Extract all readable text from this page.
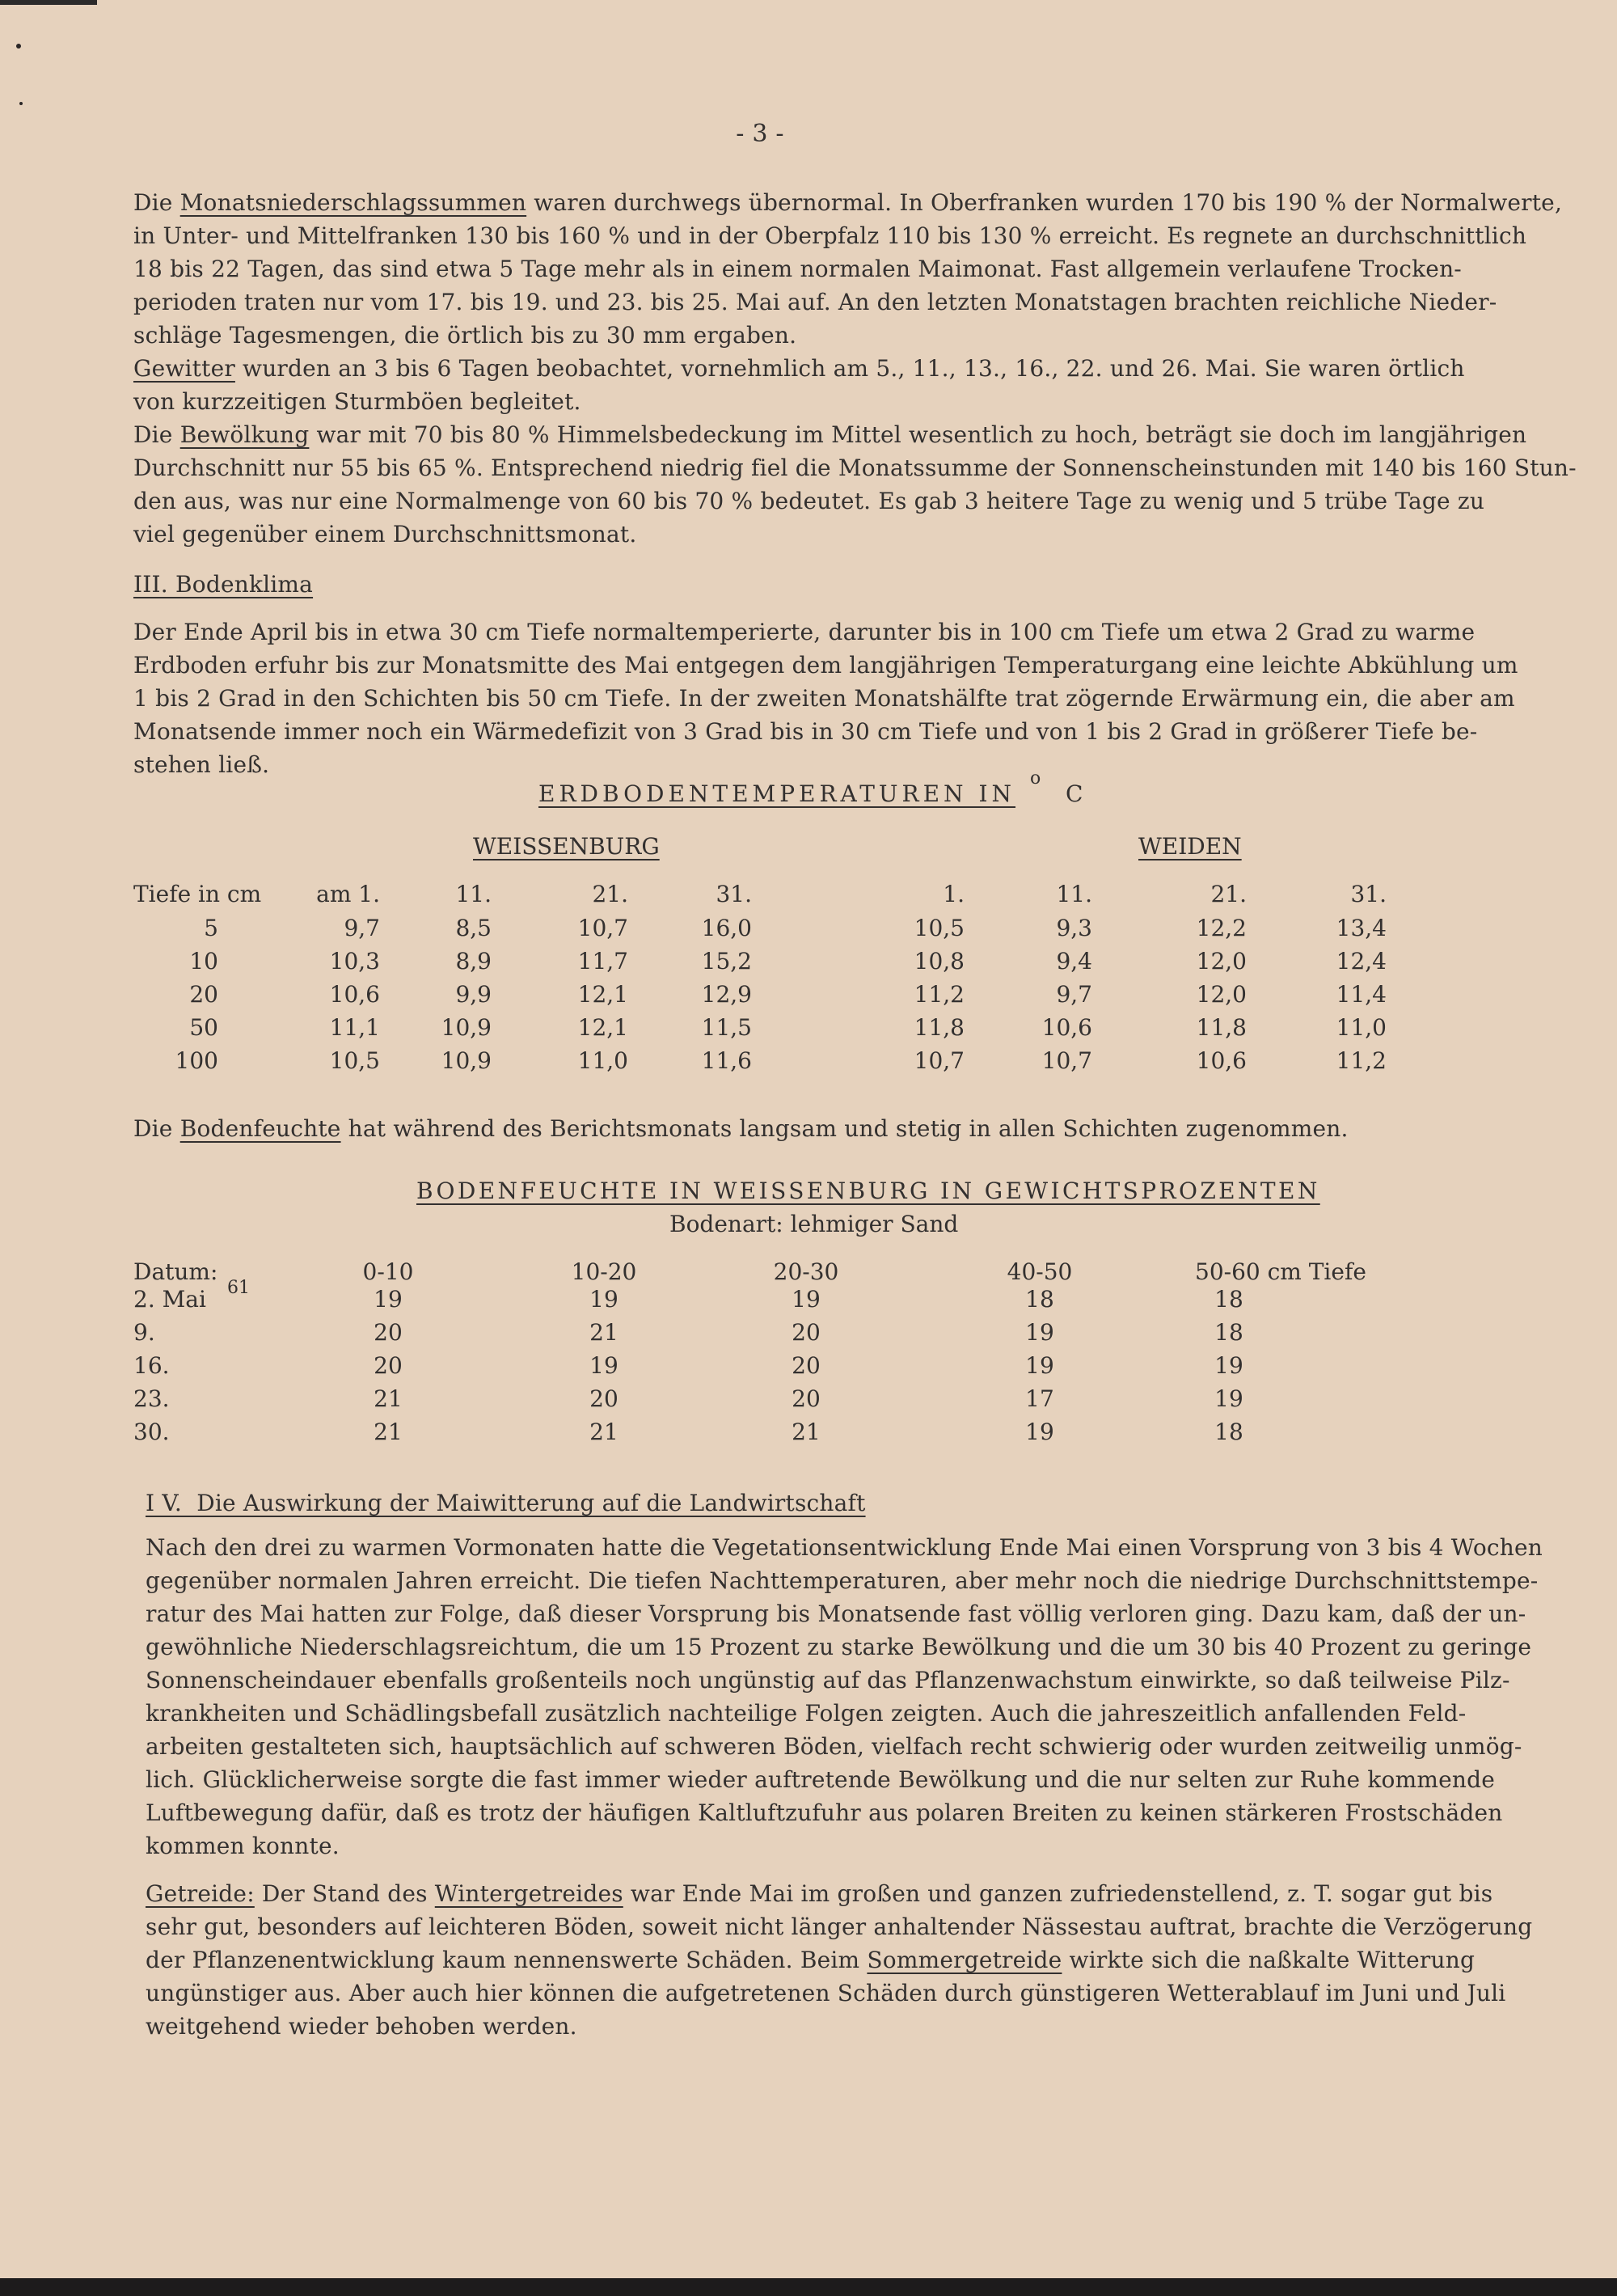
- 3 -

Die Monatsniederschlagssummen waren durchwegs übernormal. In Oberfranken wurden 170 bis 190 % der Normalwerte,

in Unter- und Mittelfranken 130 bis 160 % und in der Oberpfalz 110 bis 130 % erreicht. Es regnete an durchschnittlich

18 bis 22 Tagen, das sind etwa 5 Tage mehr als in einem normalen Maimonat. Fast allgemein verlaufene Trocken-

perioden traten nur vom 17. bis 19. und 23. bis 25. Mai auf. An den letzten Monatstagen brachten reichliche Nieder-

schläge Tagesmengen, die örtlich bis zu 30 mm ergaben.

Gewitter wurden an 3 bis 6 Tagen beobachtet, vornehmlich am 5., 11., 13., 16., 22. und 26. Mai. Sie waren örtlich

von kurzzeitigen Sturmböen begleitet.

Die Bewölkung war mit 70 bis 80 % Himmelsbedeckung im Mittel wesentlich zu hoch, beträgt sie doch im langjährigen

Durchschnitt nur 55 bis 65 %. Entsprechend niedrig fiel die Monatssumme der Sonnenscheinstunden mit 140 bis 160 Stun-

den aus, was nur eine Normalmenge von 60 bis 70 % bedeutet. Es gab 3 heitere Tage zu wenig und 5 trübe Tage zu

viel gegenüber einem Durchschnittsmonat.

III. Bodenklima

Der Ende April bis in etwa 30 cm Tiefe normaltemperierte, darunter bis in 100 cm Tiefe um etwa 2 Grad zu warme

Erdboden erfuhr bis zur Monatsmitte des Mai entgegen dem langjährigen Temperaturgang eine leichte Abkühlung um

1 bis 2 Grad in den Schichten bis 50 cm Tiefe. In der zweiten Monatshälfte trat zögernde Erwärmung ein, die aber am

Monatsende immer noch ein Wärmedefizit von 3 Grad bis in 30 cm Tiefe und von 1 bis 2 Grad in größerer Tiefe be-

stehen ließ.

ERDBODENTEMPERATUREN IN
o
C
WEISSENBURG	WEIDEN
Tiefe in cm am 1.	11.	21.	31.	1.	11.	21.	31.
5	9,7	8,5	10,7	16,0	10,5	9,3	12,2	13,4
10	10,3	8,9	11,7	15,2	10,8	9,4	12,0	12,4
20	10,6	9,9	12,1	12,9	11,2	9,7	12,0	11,4
50	11,1	10,9	12,1	11,5	11,8	10,6	11,8	11,0
100	10,5	10,9	11,0	11,6	10,7	10,7	10,6	11,2

Die Bodenfeuchte hat während des Berichtsmonats langsam und stetig in allen Schichten zugenommen.

BODENFEUCHTE IN WEISSENBURG IN GEWICHTSPROZENTEN
Bodenart: lehmiger Sand
Datum:	0-10	10-20	20-30	40-50	50-60 cm Tiefe
2. Mai 61	19	19	19	18	18
9.	20	21	20	19	18
16.	20	19	20	19	19
23.	21	20	20	17	19
30.	21	21	21	19	18
I V.  Die Auswirkung der Maiwitterung auf die Landwirtschaft

Nach den drei zu warmen Vormonaten hatte die Vegetationsentwicklung Ende Mai einen Vorsprung von 3 bis 4 Wochen

gegenüber normalen Jahren erreicht. Die tiefen Nachttemperaturen, aber mehr noch die niedrige Durchschnittstempe-

ratur des Mai hatten zur Folge, daß dieser Vorsprung bis Monatsende fast völlig verloren ging. Dazu kam, daß der un-

gewöhnliche Niederschlagsreichtum, die um 15 Prozent zu starke Bewölkung und die um 30 bis 40 Prozent zu geringe

Sonnenscheindauer ebenfalls großenteils noch ungünstig auf das Pflanzenwachstum einwirkte, so daß teilweise Pilz-

krankheiten und Schädlingsbefall zusätzlich nachteilige Folgen zeigten. Auch die jahreszeitlich anfallenden Feld-

arbeiten gestalteten sich, hauptsächlich auf schweren Böden, vielfach recht schwierig oder wurden zeitweilig unmög-

lich. Glücklicherweise sorgte die fast immer wieder auftretende Bewölkung und die nur selten zur Ruhe kommende

Luftbewegung dafür, daß es trotz der häufigen Kaltluftzufuhr aus polaren Breiten zu keinen stärkeren Frostschäden

kommen konnte.

Getreide: Der Stand des Wintergetreides war Ende Mai im großen und ganzen zufriedenstellend, z. T. sogar gut bis

sehr gut, besonders auf leichteren Böden, soweit nicht länger anhaltender Nässestau auftrat, brachte die Verzögerung

der Pflanzenentwicklung kaum nennenswerte Schäden. Beim Sommergetreide wirkte sich die naßkalte Witterung

ungünstiger aus. Aber auch hier können die aufgetretenen Schäden durch günstigeren Wetterablauf im Juni und Juli

weitgehend wieder behoben werden.
